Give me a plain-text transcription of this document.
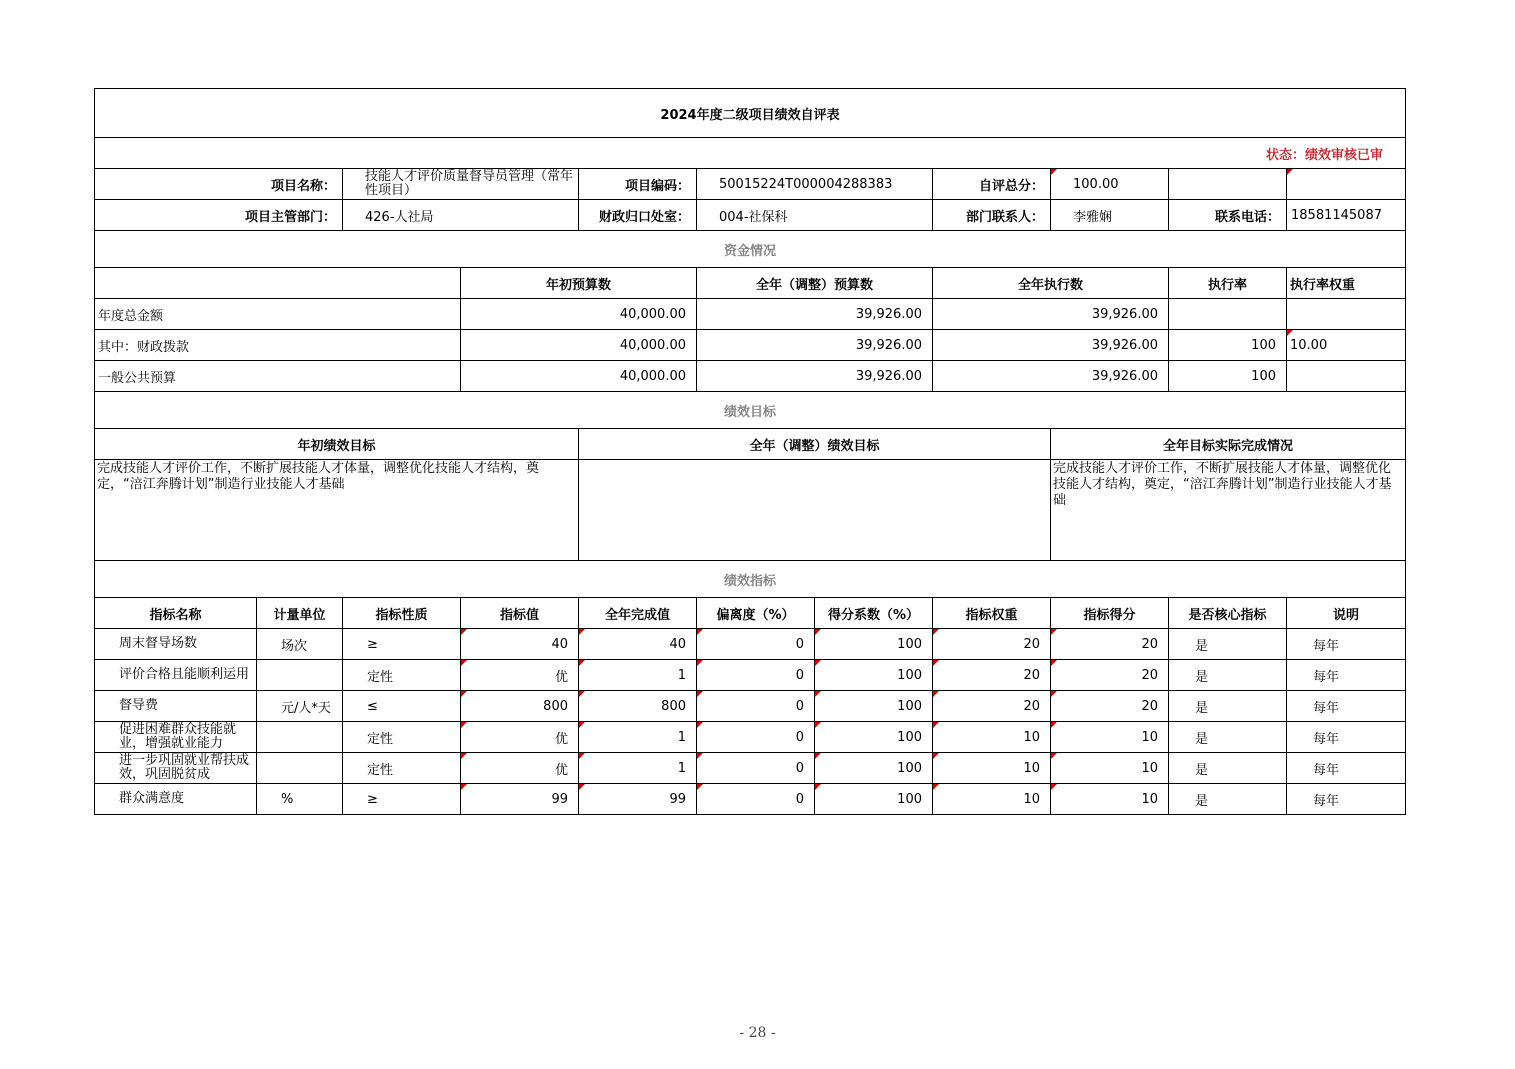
2024年度二级项目绩效自评表											
状态：绩效审核已审											
项目名称：		技能人才评价质量督导员管理（常年性项目）		项目编码：	50015224T000004288383		自评总分：	100.00			
项目主管部门：		426-人社局		财政归口处室：	004-社保科		部门联系人：	李雅娴	联系电话：	18581145087	
资金情况											
			年初预算数		全年（调整）预算数		全年执行数		执行率	执行率权重	
年度总金额			40,000.00		39,926.00		39,926.00				
其中：财政拨款			40,000.00		39,926.00		39,926.00		100	10.00	
一般公共预算			40,000.00		39,926.00		39,926.00		100		
绩效目标											
年初绩效目标				全年（调整）绩效目标				全年目标实际完成情况			
完成技能人才评价工作，不断扩展技能人才体量，调整优化技能人才结构，奠定，“涪江奔腾计划”制造行业技能人才基础								完成技能人才评价工作，不断扩展技能人才体量，调整优化技能人才结构，奠定，“涪江奔腾计划”制造行业技能人才基础			
绩效指标											
指标名称	计量单位	指标性质	指标值	全年完成值	偏离度（%）	得分系数（%）	指标权重	指标得分	是否核心指标	说明	
周末督导场数	场次	≥	40	40	0	100	20	20	是	每年	
评价合格且能顺利运用		定性	优	1	0	100	20	20	是	每年	
督导费	元/人*天	≤	800	800	0	100	20	20	是	每年	
促进困难群众技能就业，增强就业能力		定性	优	1	0	100	10	10	是	每年	
进一步巩固就业帮扶成效，巩固脱贫成		定性	优	1	0	100	10	10	是	每年	
群众满意度	%	≥	99	99	0	100	10	10	是	每年	
- 28 -
